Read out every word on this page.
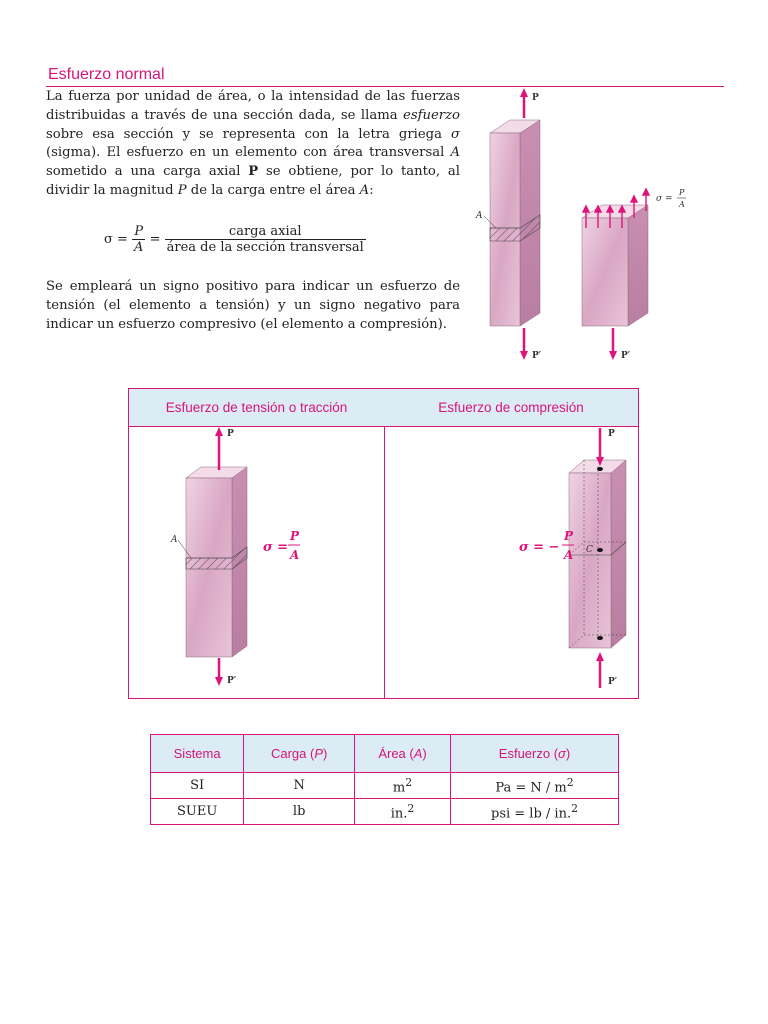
Esfuerzo normal

La fuerza por unidad de área, o la intensidad de las fuerzas distribuidas a través de una sección dada, se llama esfuerzo sobre esa sección y se representa con la letra griega σ (sigma). El esfuerzo en un elemento con área transversal A sometido a una carga axial P se obtiene, por lo tanto, al dividir la magnitud P de la carga entre el área A:

$\sigma = \frac{P}{A} = \frac{\text{carga axial}}{\text{área de la sección transversal}}$
Se empleará un signo positivo para indicar un esfuerzo de tensión (el elemento a tensión) y un signo negativo para indicar un esfuerzo compresivo (el elemento a compresión).
P
P′
A
σ =
P
A
P′
Esfuerzo de tensión o tracción	Esfuerzo de compresión
P
P′
A	σ =
P
A	C
P
P′
σ = −
P
A
Sistema	Carga (P)	Área (A)	Esfuerzo (σ)
SI	N	$m^2$	$Pa = N / m^2$
SUEU	lb	in.$^2$	psi = lb / in.$^2$
